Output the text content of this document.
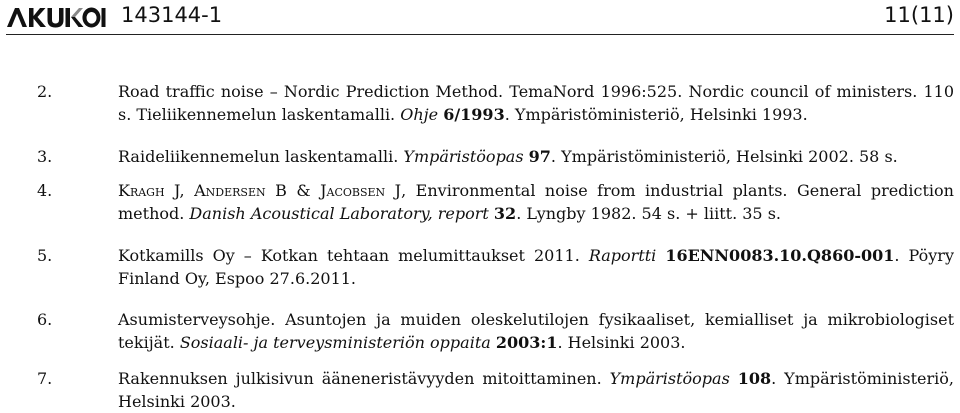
143144-1	11(11)
2.	Road traffic noise – Nordic Prediction Method. TemaNord 1996:525. Nordic council of ministers. 110 s. Tieliikennemelun laskentamalli. Ohje 6/1993. Ympäristöministeriö, Helsinki 1993.
3.	Raideliikennemelun laskentamalli. Ympäristöopas 97. Ympäristöministeriö, Helsinki 2002. 58 s.
4.	Kragh J, Andersen B & Jacobsen J, Environmental noise from industrial plants. General prediction method. Danish Acoustical Laboratory, report 32. Lyngby 1982. 54 s. + liitt. 35 s.
5.	Kotkamills Oy – Kotkan tehtaan melumittaukset 2011. Raportti 16ENN0083.10.Q860-001. Pöyry Finland Oy, Espoo 27.6.2011.
6.	Asumisterveysohje. Asuntojen ja muiden oleskelutilojen fysikaaliset, kemialliset ja mikrobiologiset tekijät. Sosiaali- ja terveysministeriön oppaita 2003:1. Helsinki 2003.
7.	Rakennuksen julkisivun ääneneristävyyden mitoittaminen. Ympäristöopas 108. Ympäristöministeriö, Helsinki 2003.
